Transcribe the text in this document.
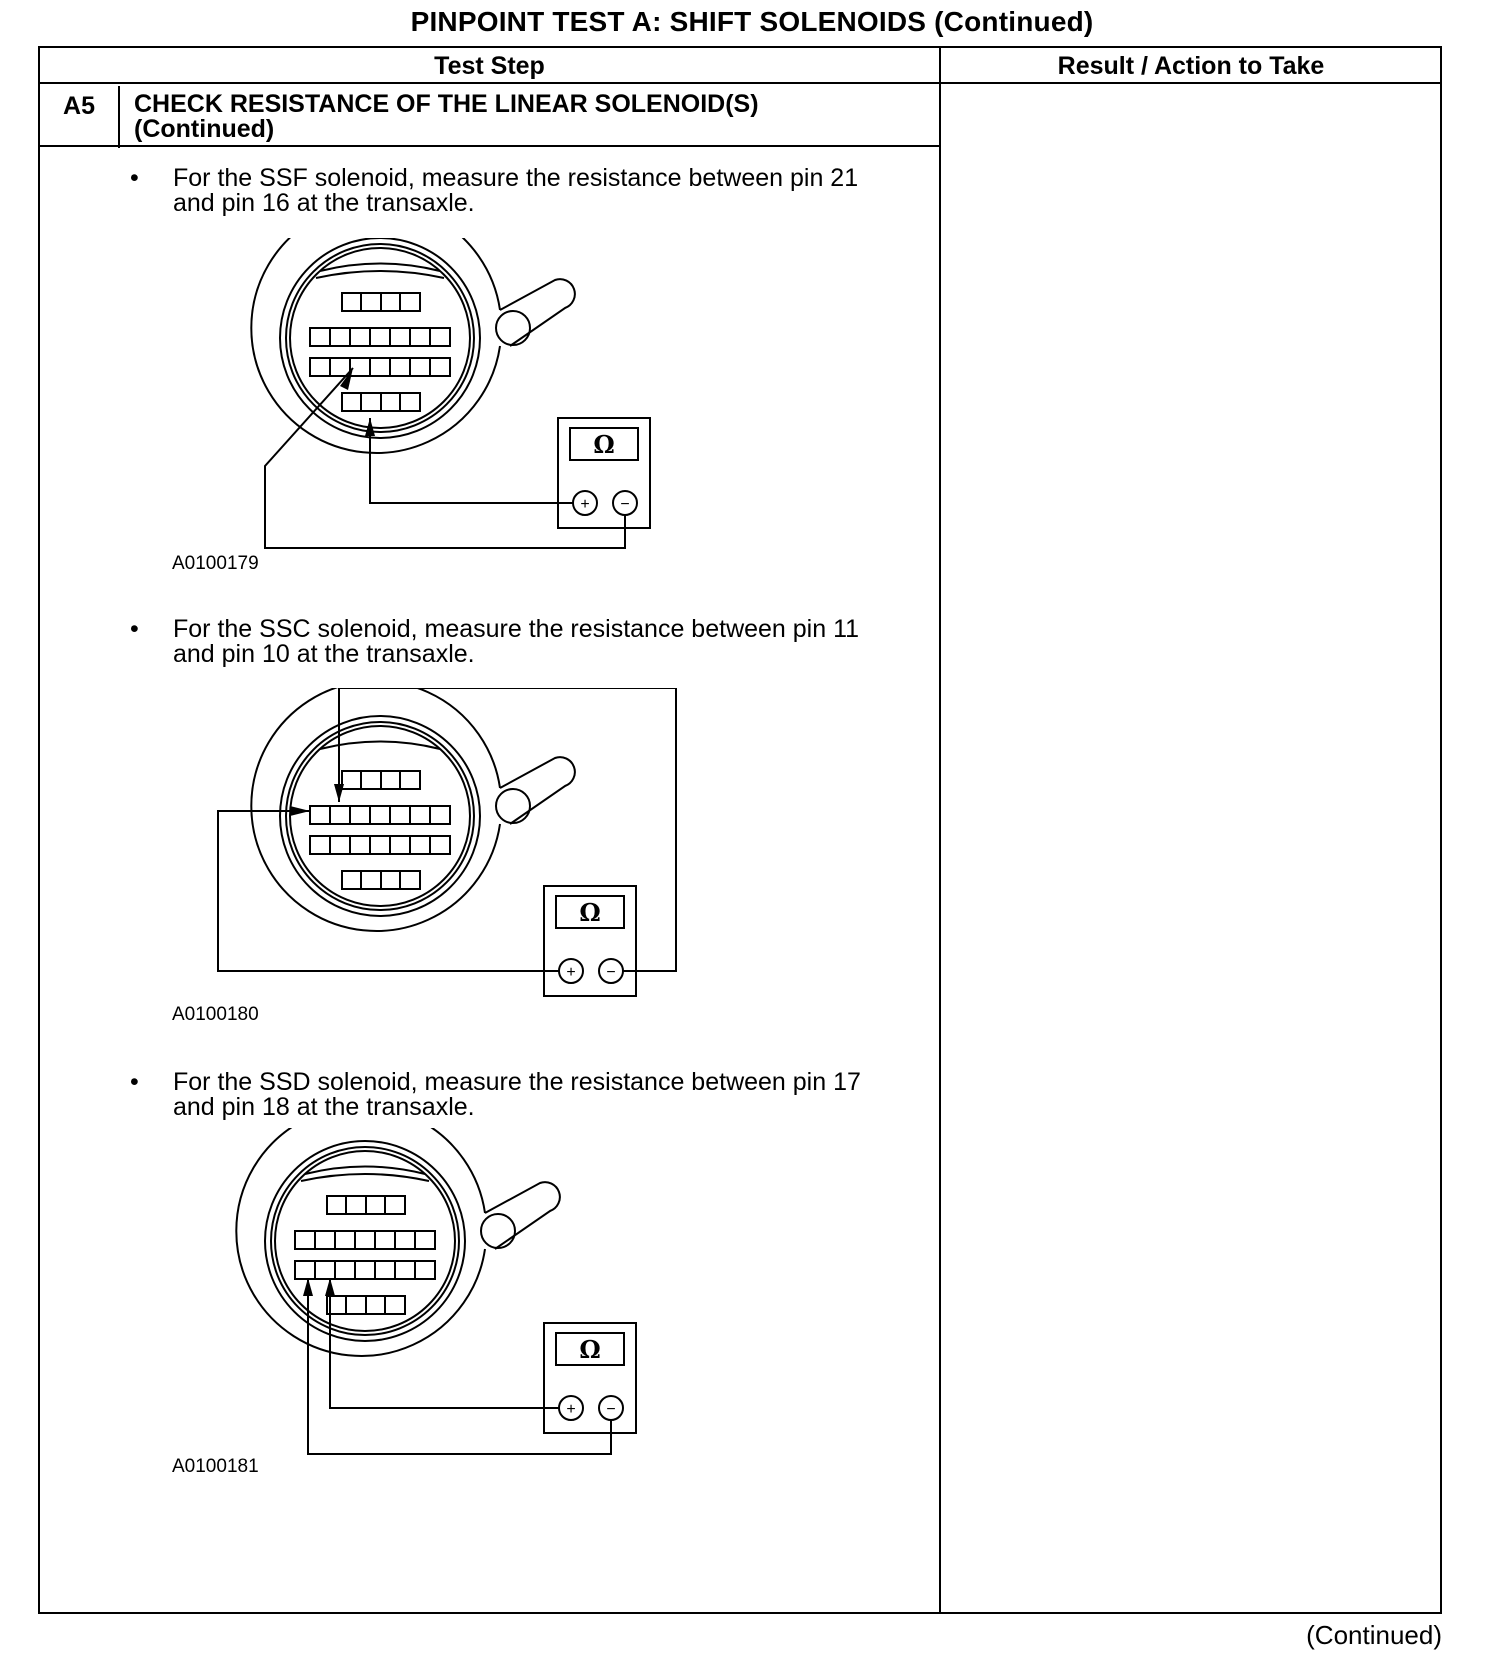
PINPOINT TEST A: SHIFT SOLENOIDS (Continued)
Test Step	Result / Action to Take
A5	CHECK RESISTANCE OF THE LINEAR SOLENOID(S)
(Continued)
• For the SSF solenoid, measure the resistance between pin 21
and pin 16 at the transaxle.
Ω
+ −
A0100179
• For the SSC solenoid, measure the resistance between pin 11
and pin 10 at the transaxle.
Ω
+ −
A0100180
• For the SSD solenoid, measure the resistance between pin 17
and pin 18 at the transaxle.
Ω
+ −
A0100181
(Continued)
